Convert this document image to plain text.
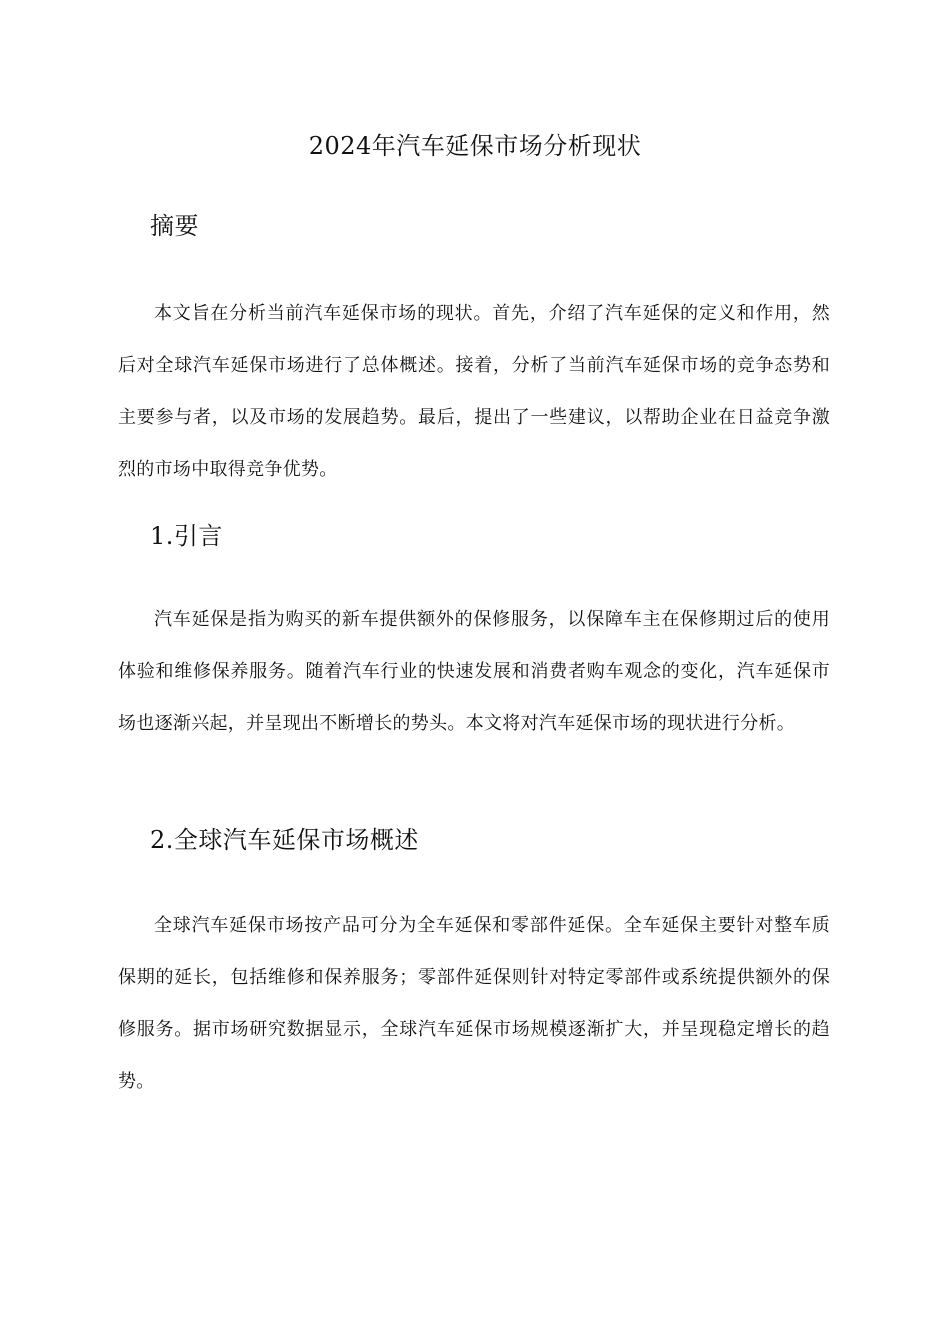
2024年汽车延保市场分析现状
摘要

本文旨在分析当前汽车延保市场的现状。首先，介绍了汽车延保的定义和作用，然后对全球汽车延保市场进行了总体概述。接着，分析了当前汽车延保市场的竞争态势和主要参与者，以及市场的发展趋势。最后，提出了一些建议，以帮助企业在日益竞争激烈的市场中取得竞争优势。

1.引言

汽车延保是指为购买的新车提供额外的保修服务，以保障车主在保修期过后的使用体验和维修保养服务。随着汽车行业的快速发展和消费者购车观念的变化，汽车延保市场也逐渐兴起，并呈现出不断增长的势头。本文将对汽车延保市场的现状进行分析。

2.全球汽车延保市场概述

全球汽车延保市场按产品可分为全车延保和零部件延保。全车延保主要针对整车质保期的延长，包括维修和保养服务；零部件延保则针对特定零部件或系统提供额外的保修服务。据市场研究数据显示，全球汽车延保市场规模逐渐扩大，并呈现稳定增长的趋势。
